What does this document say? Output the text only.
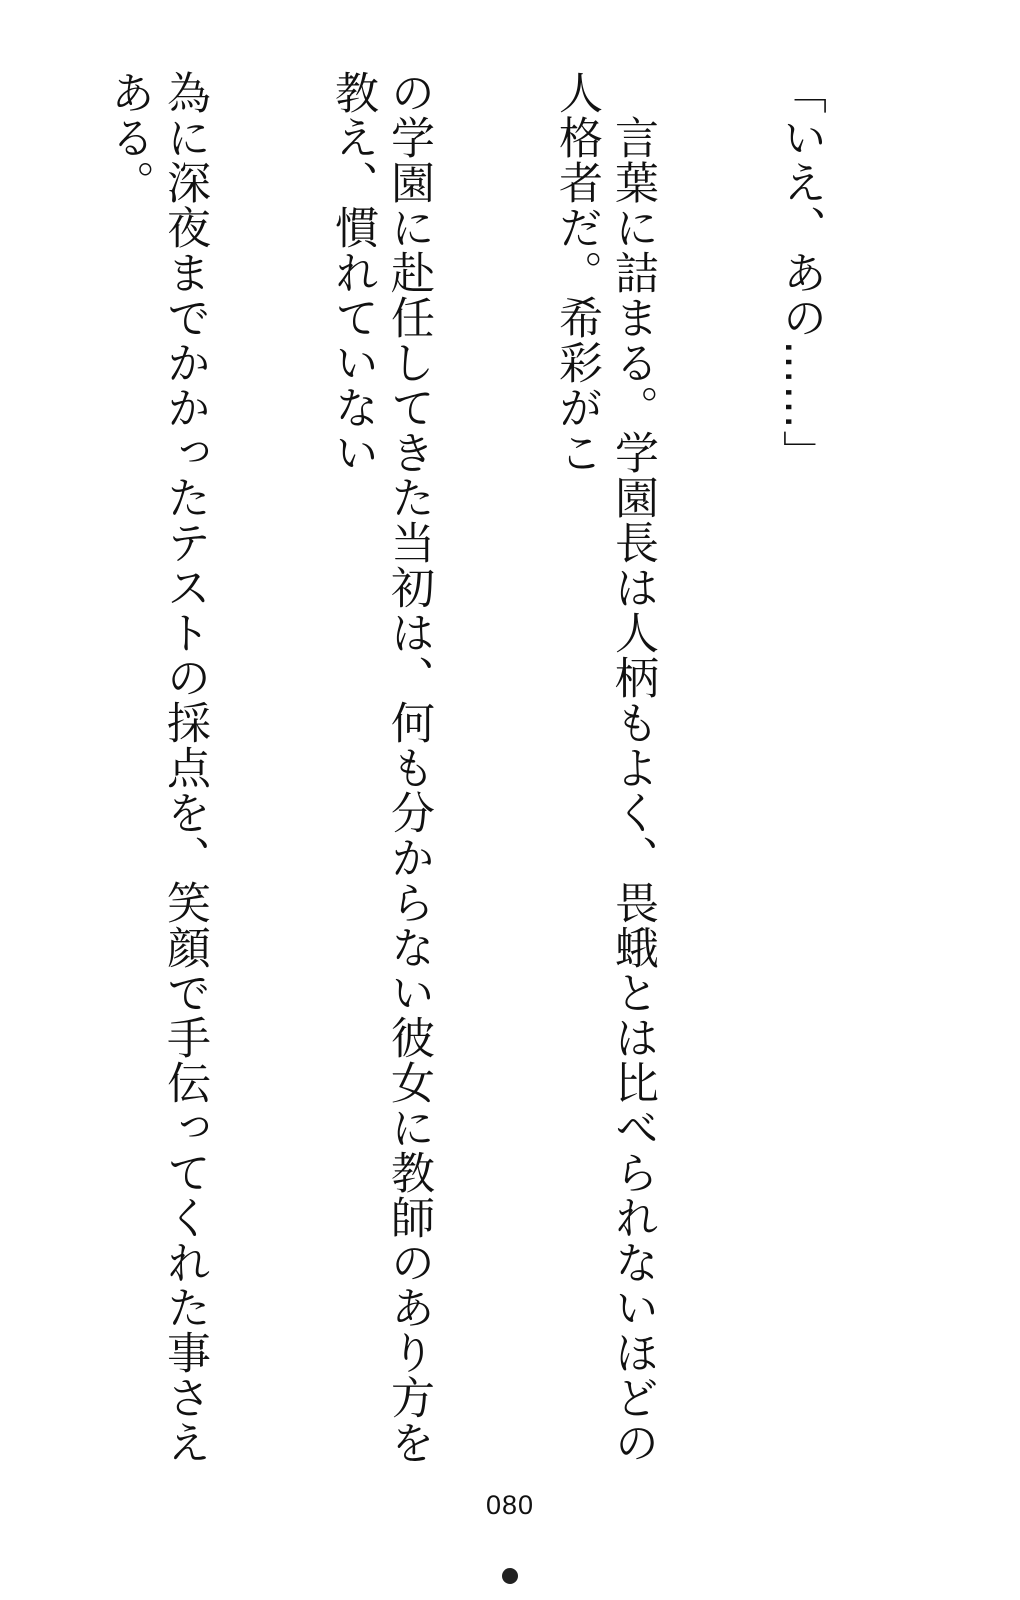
「いえ、あの……」

　言葉に詰まる。学園長は人柄もよく、畏蛾とは比べられないほどの人格者だ。希彩がこ

の学園に赴任してきた当初は、何も分からない彼女に教師のあり方を教え、慣れていない

為に深夜までかかったテストの採点を、笑顔で手伝ってくれた事さえある。

080
